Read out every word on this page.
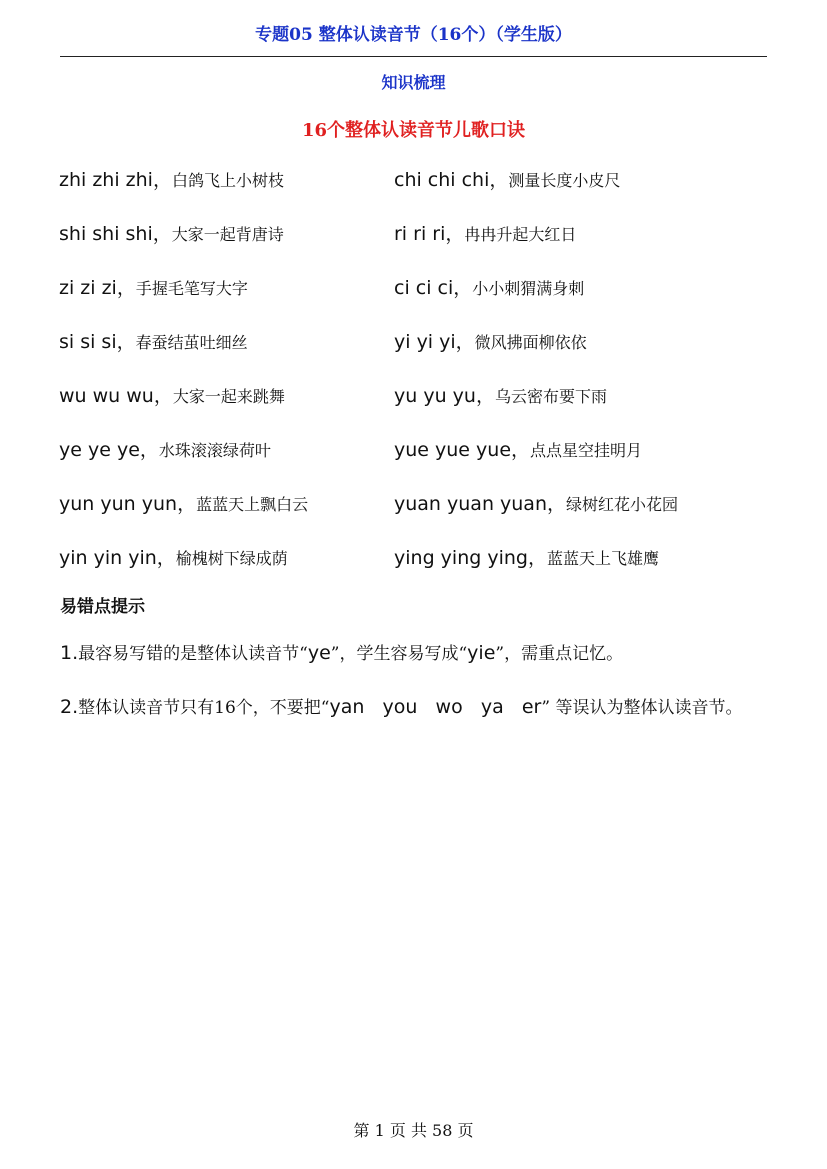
专题05 整体认读音节（16个）（学生版）
知识梳理
16个整体认读音节儿歌口诀
zhi zhi zhi，白鸽飞上小树枝	chi chi chi，测量长度小皮尺
shi shi shi，大家一起背唐诗	ri ri ri，冉冉升起大红日
zi zi zi，手握毛笔写大字	ci ci ci，小小刺猬满身刺
si si si，春蚕结茧吐细丝	yi yi yi，微风拂面柳依依
wu wu wu，大家一起来跳舞	yu yu yu，乌云密布要下雨
ye ye ye，水珠滚滚绿荷叶	yue yue yue，点点星空挂明月
yun yun yun，蓝蓝天上飘白云	yuan yuan yuan，绿树红花小花园
yin yin yin，榆槐树下绿成荫	ying ying ying，蓝蓝天上飞雄鹰
易错点提示
1.最容易写错的是整体认读音节“ye”，学生容易写成“yie”，需重点记忆。
2.整体认读音节只有16个，不要把“yan   you   wo   ya   er” 等误认为整体认读音节。
第 1 页 共 58 页
